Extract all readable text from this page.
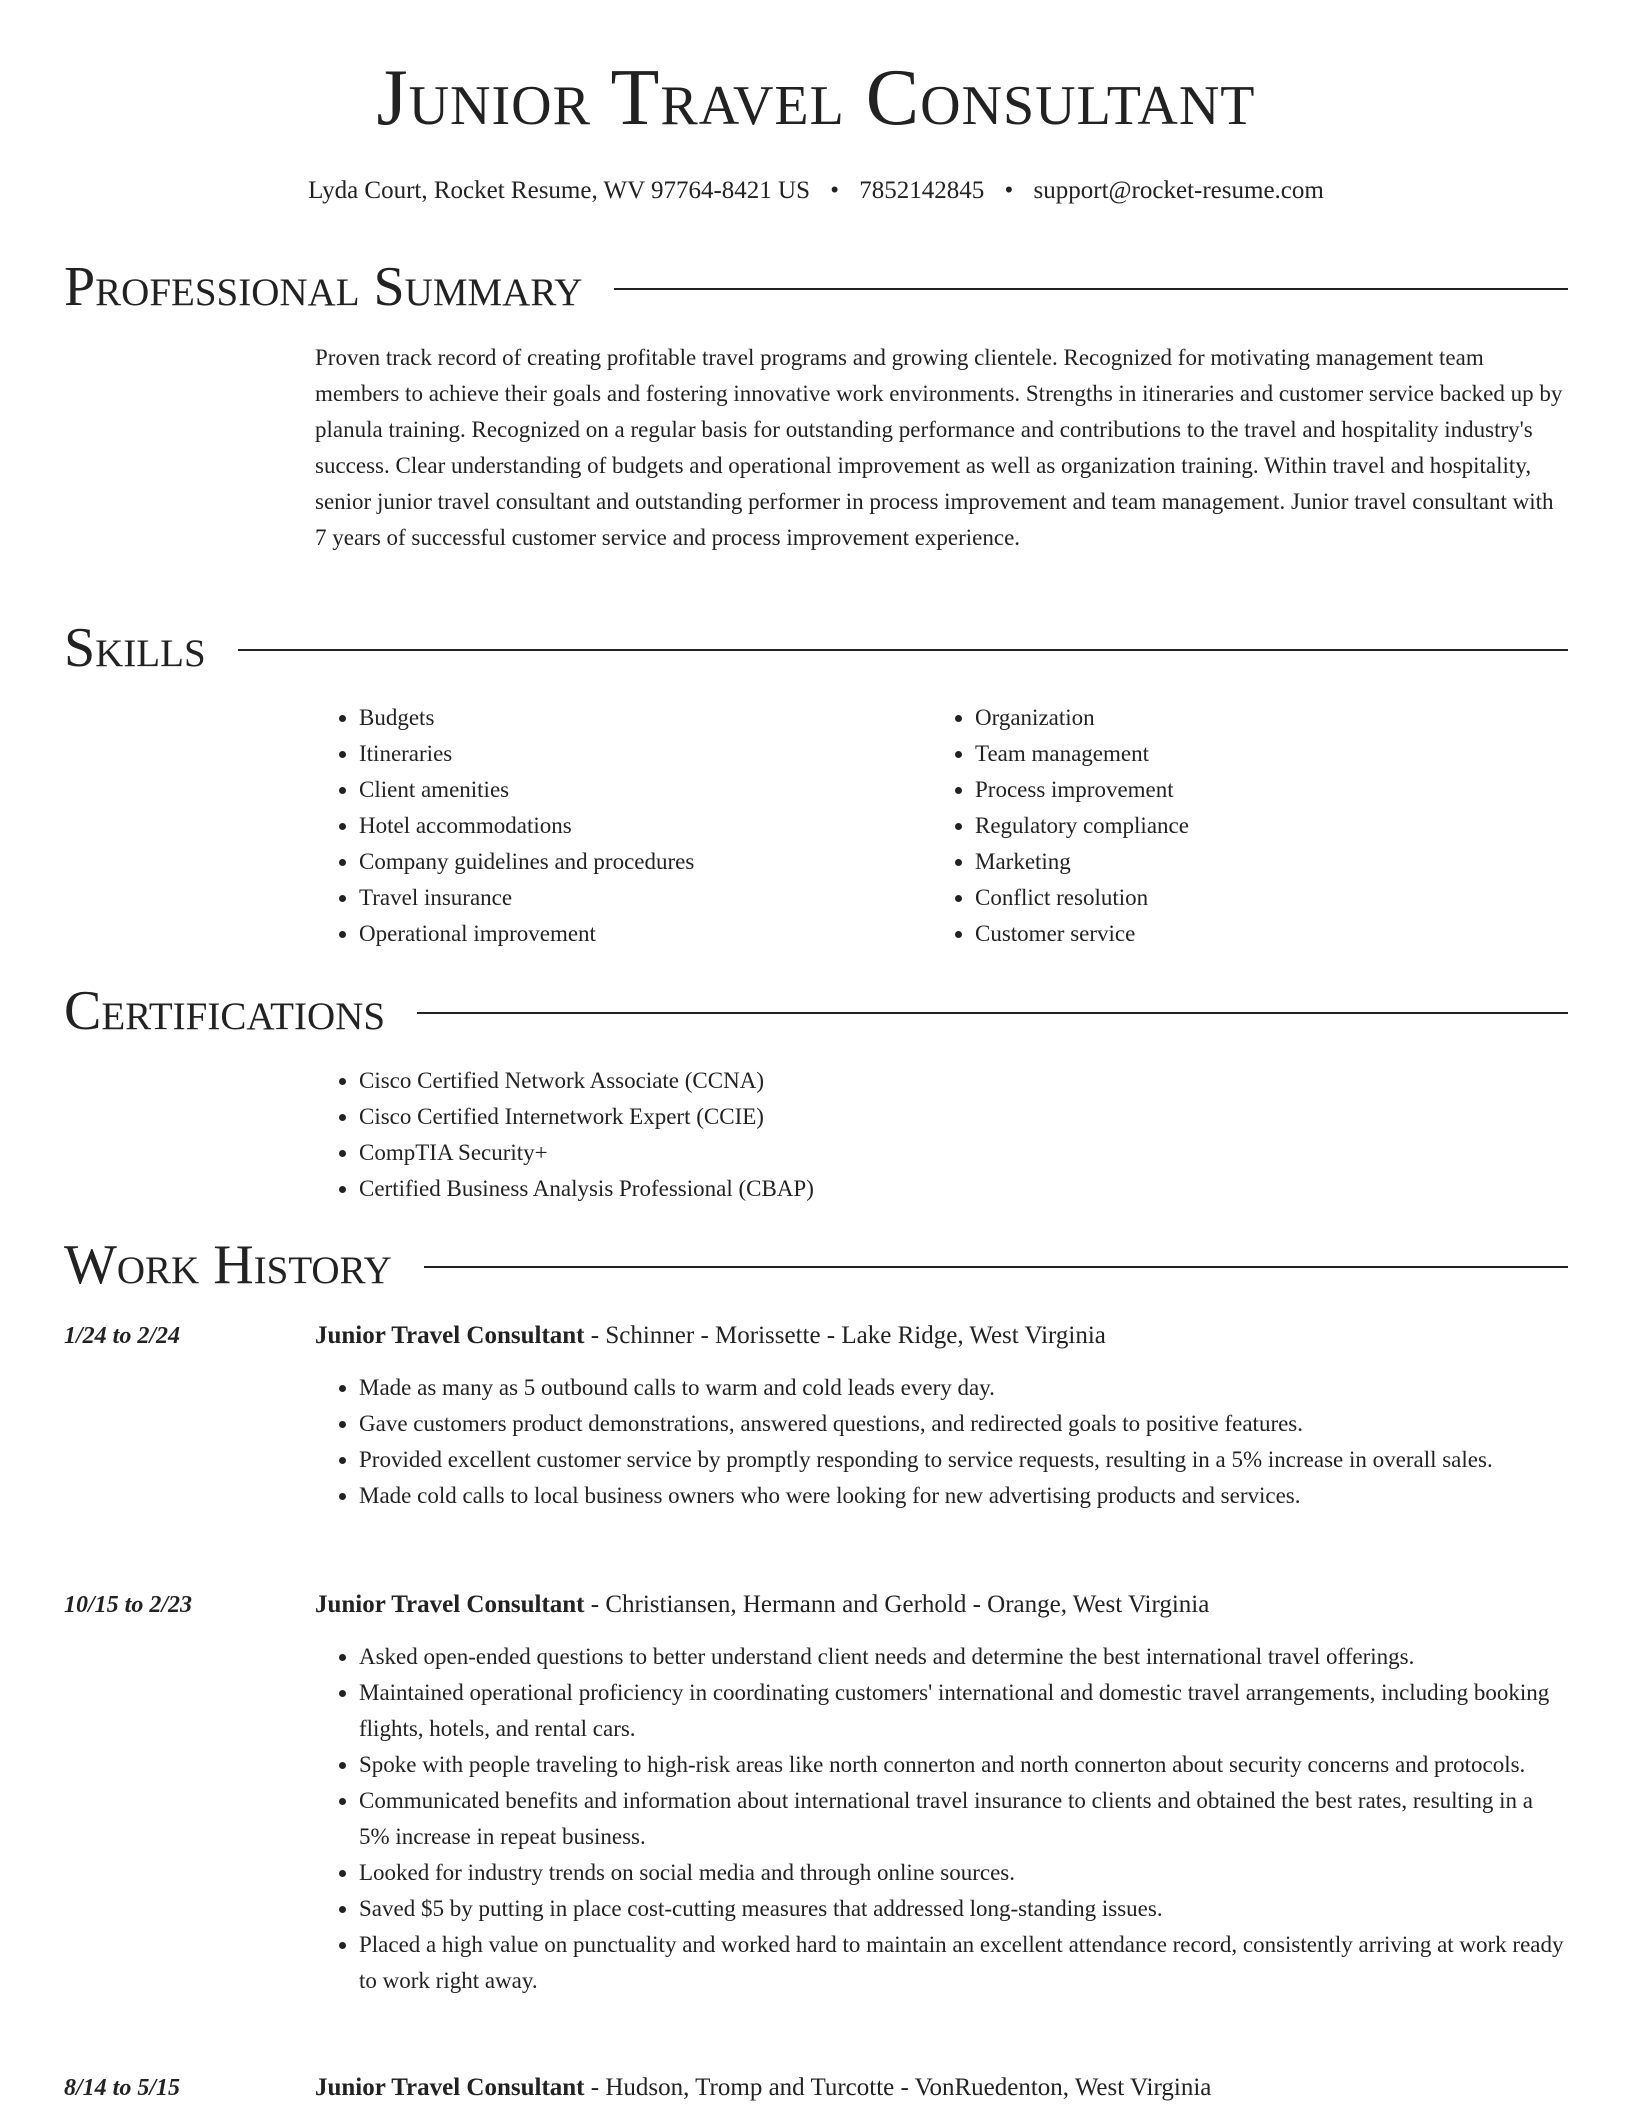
Junior Travel Consultant
Lyda Court, Rocket Resume, WV 97764-8421 US • 7852142845 • support@rocket-resume.com
Professional Summary
Proven track record of creating profitable travel programs and growing clientele. Recognized for motivating management team members to achieve their goals and fostering innovative work environments. Strengths in itineraries and customer service backed up by planula training. Recognized on a regular basis for outstanding performance and contributions to the travel and hospitality industry's success. Clear understanding of budgets and operational improvement as well as organization training. Within travel and hospitality, senior junior travel consultant and outstanding performer in process improvement and team management. Junior travel consultant with 7 years of successful customer service and process improvement experience.
Skills
• Budgets
• Itineraries
• Client amenities
• Hotel accommodations
• Company guidelines and procedures
• Travel insurance
• Operational improvement
• Organization
• Team management
• Process improvement
• Regulatory compliance
• Marketing
• Conflict resolution
• Customer service
Certifications
• Cisco Certified Network Associate (CCNA)
• Cisco Certified Internetwork Expert (CCIE)
• CompTIA Security+
• Certified Business Analysis Professional (CBAP)
Work History
1/24 to 2/24	Junior Travel Consultant - Schinner - Morissette - Lake Ridge, West Virginia
• Made as many as 5 outbound calls to warm and cold leads every day.
• Gave customers product demonstrations, answered questions, and redirected goals to positive features.
• Provided excellent customer service by promptly responding to service requests, resulting in a 5% increase in overall sales.
• Made cold calls to local business owners who were looking for new advertising products and services.
10/15 to 2/23	Junior Travel Consultant - Christiansen, Hermann and Gerhold - Orange, West Virginia
• Asked open-ended questions to better understand client needs and determine the best international travel offerings.
• Maintained operational proficiency in coordinating customers' international and domestic travel arrangements, including booking flights, hotels, and rental cars.
• Spoke with people traveling to high-risk areas like north connerton and north connerton about security concerns and protocols.
• Communicated benefits and information about international travel insurance to clients and obtained the best rates, resulting in a 5% increase in repeat business.
• Looked for industry trends on social media and through online sources.
• Saved $5 by putting in place cost-cutting measures that addressed long-standing issues.
• Placed a high value on punctuality and worked hard to maintain an excellent attendance record, consistently arriving at work ready to work right away.
8/14 to 5/15	Junior Travel Consultant - Hudson, Tromp and Turcotte - VonRuedenton, West Virginia
